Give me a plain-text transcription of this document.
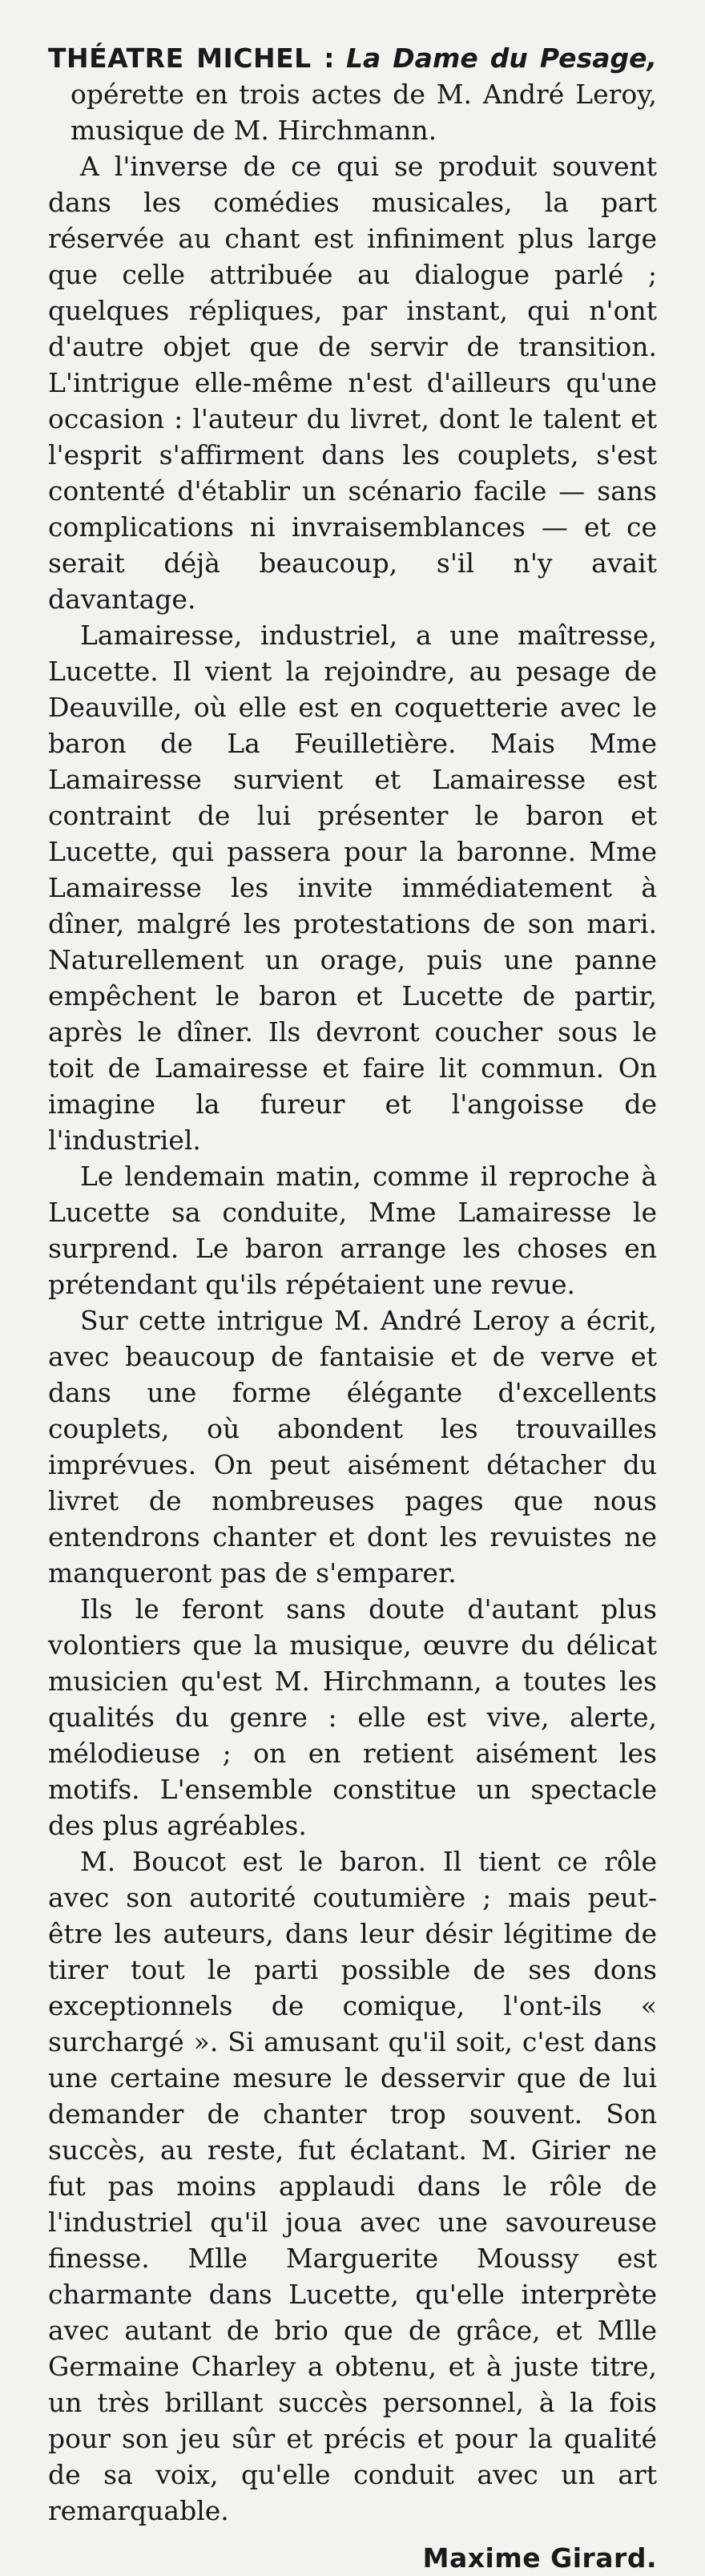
THÉATRE MICHEL : La Dame du Pesage,
opérette en trois actes de M. André Leroy, musique de M. Hirchmann.

A l'inverse de ce qui se produit souvent dans les comédies musicales, la part réservée au chant est infiniment plus large que celle attribuée au dialogue parlé ; quelques répliques, par instant, qui n'ont d'autre objet que de servir de transition. L'intrigue elle-même n'est d'ailleurs qu'une occasion : l'auteur du livret, dont le talent et l'esprit s'affirment dans les couplets, s'est contenté d'établir un scénario facile — sans complications ni invraisemblances — et ce serait déjà beaucoup, s'il n'y avait davantage.

Lamairesse, industriel, a une maîtresse, Lucette. Il vient la rejoindre, au pesage de Deauville, où elle est en coquetterie avec le baron de La Feuilletière. Mais Mme Lamairesse survient et Lamairesse est contraint de lui présenter le baron et Lucette, qui passera pour la baronne. Mme Lamairesse les invite immédiatement à dîner, malgré les protestations de son mari. Naturellement un orage, puis une panne empêchent le baron et Lucette de partir, après le dîner. Ils devront coucher sous le toit de Lamairesse et faire lit commun. On imagine la fureur et l'angoisse de l'industriel.

Le lendemain matin, comme il reproche à Lucette sa conduite, Mme Lamairesse le surprend. Le baron arrange les choses en prétendant qu'ils répétaient une revue.

Sur cette intrigue M. André Leroy a écrit, avec beaucoup de fantaisie et de verve et dans une forme élégante d'excellents couplets, où abondent les trouvailles imprévues. On peut aisément détacher du livret de nombreuses pages que nous entendrons chanter et dont les revuistes ne manqueront pas de s'emparer.

Ils le feront sans doute d'autant plus volontiers que la musique, œuvre du délicat musicien qu'est M. Hirchmann, a toutes les qualités du genre : elle est vive, alerte, mélodieuse ; on en retient aisément les motifs. L'ensemble constitue un spectacle des plus agréables.

M. Boucot est le baron. Il tient ce rôle avec son autorité coutumière ; mais peut-être les auteurs, dans leur désir légitime de tirer tout le parti possible de ses dons exceptionnels de comique, l'ont-ils « surchargé ». Si amusant qu'il soit, c'est dans une certaine mesure le desservir que de lui demander de chanter trop souvent. Son succès, au reste, fut éclatant. M. Girier ne fut pas moins applaudi dans le rôle de l'industriel qu'il joua avec une savoureuse finesse. Mlle Marguerite Moussy est charmante dans Lucette, qu'elle interprète avec autant de brio que de grâce, et Mlle Germaine Charley a obtenu, et à juste titre, un très brillant succès personnel, à la fois pour son jeu sûr et précis et pour la qualité de sa voix, qu'elle conduit avec un art remarquable.

Maxime Girard.
